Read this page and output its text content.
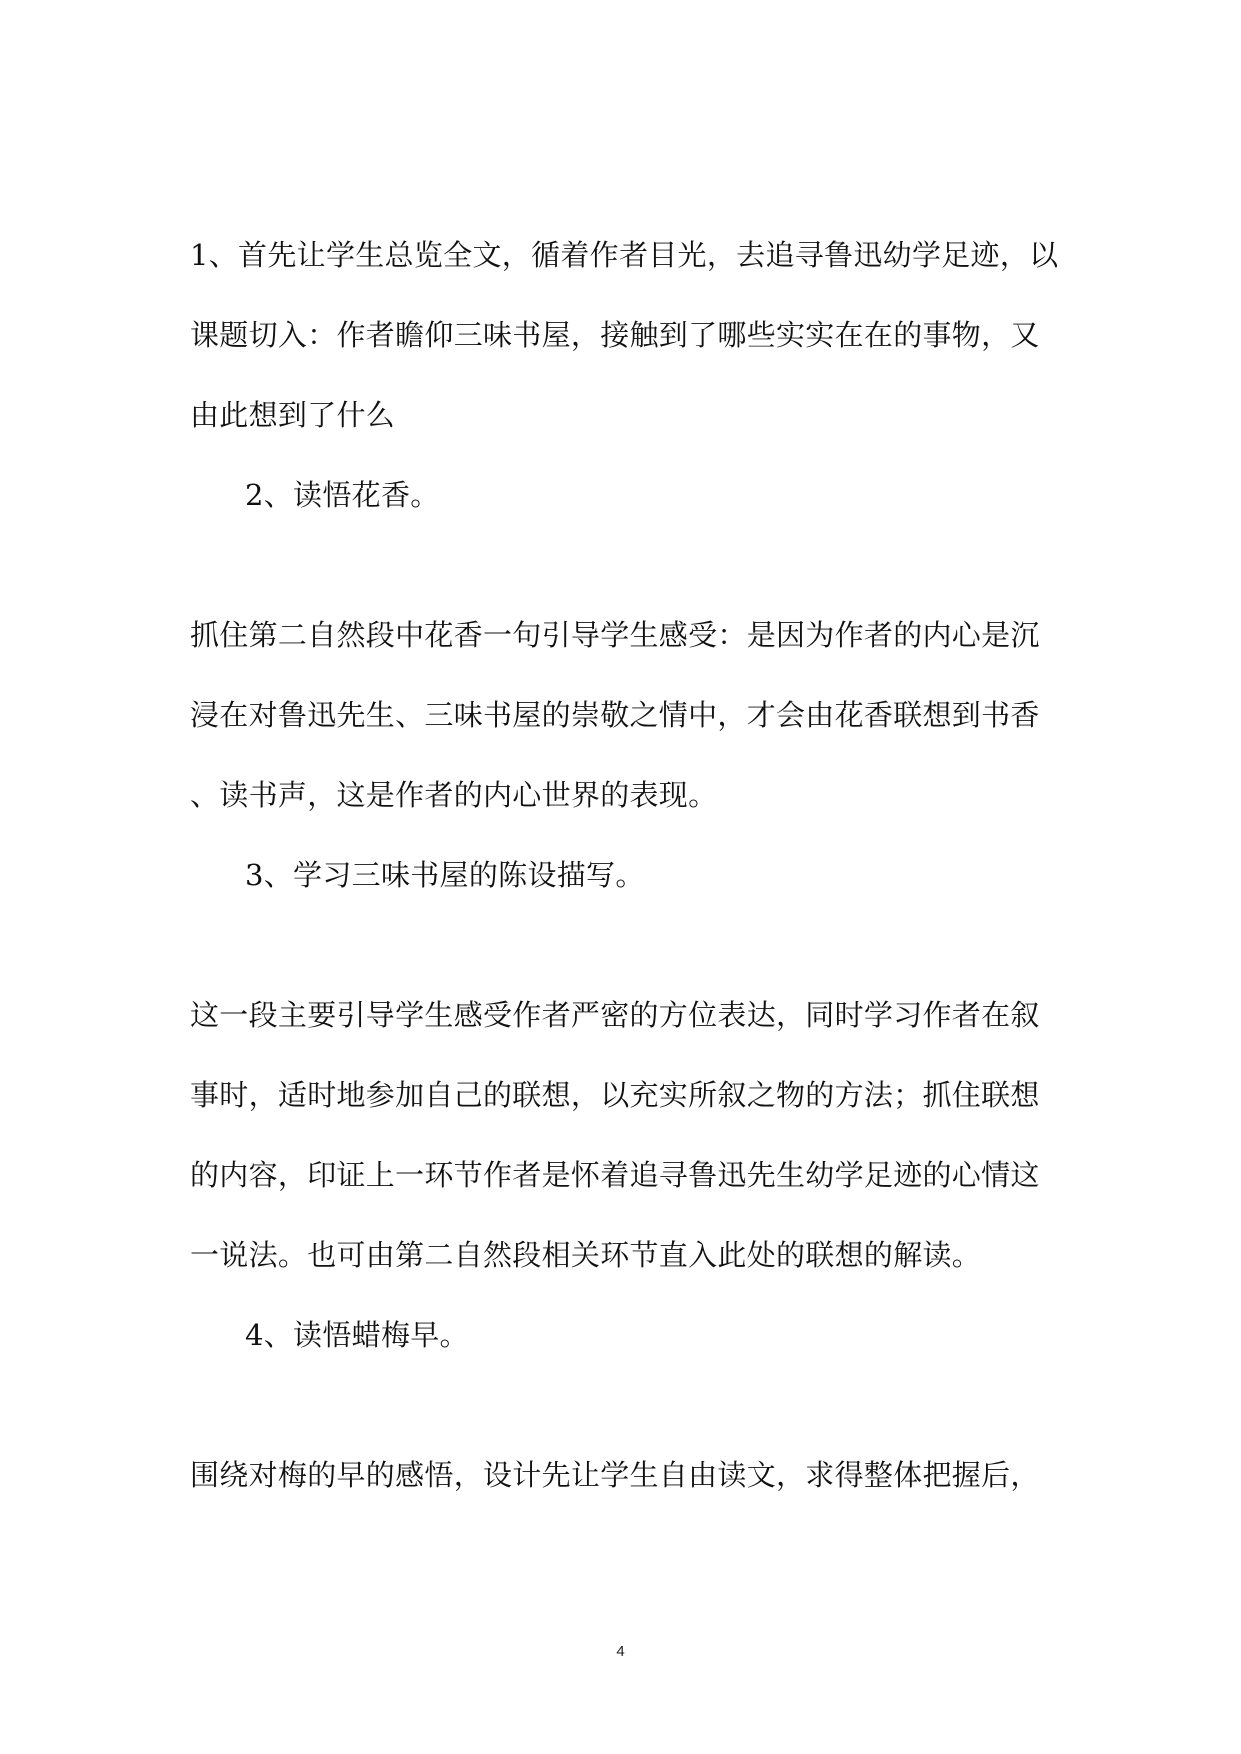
1、首先让学生总览全文，循着作者目光，去追寻鲁迅幼学足迹，以
课题切入：作者瞻仰三味书屋，接触到了哪些实实在在的事物，又
由此想到了什么
2、读悟花香。
抓住第二自然段中花香一句引导学生感受：是因为作者的内心是沉
浸在对鲁迅先生、三味书屋的崇敬之情中，才会由花香联想到书香
、读书声，这是作者的内心世界的表现。
3、学习三味书屋的陈设描写。
这一段主要引导学生感受作者严密的方位表达，同时学习作者在叙
事时，适时地参加自己的联想，以充实所叙之物的方法；抓住联想
的内容，印证上一环节作者是怀着追寻鲁迅先生幼学足迹的心情这
一说法。也可由第二自然段相关环节直入此处的联想的解读。
4、读悟蜡梅早。
围绕对梅的早的感悟，设计先让学生自由读文，求得整体把握后，
4
